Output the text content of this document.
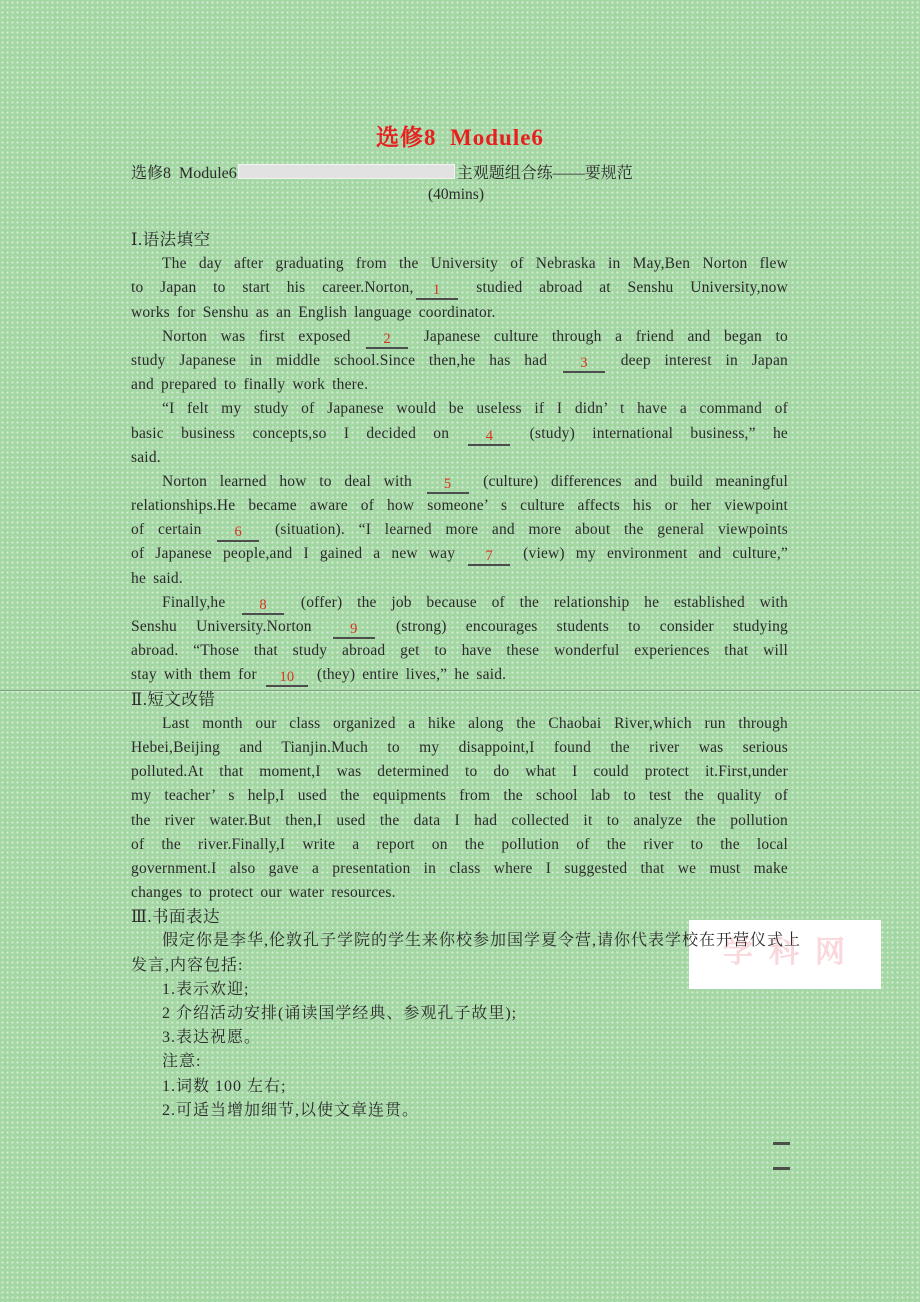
学科网
选修8  Module6
选修8  Module6	主观题组合练——要规范
(40mins)
Ⅰ.语法填空
The day after graduating from the University of Nebraska in May,Ben Norton flew
to Japan to start his career.Norton, 1 studied abroad at Senshu University,now
works for Senshu as an English language coordinator.
Norton was first exposed 2 Japanese culture through a friend and began to
study Japanese in middle school.Since then,he has had 3 deep interest in Japan
and prepared to finally work there.
“I felt my study of Japanese would be useless if I didn’ t have a command of
basic business concepts,so I decided on 4 (study) international business,” he
said.
Norton learned how to deal with 5 (culture) differences and build meaningful
relationships.He became aware of how someone’ s culture affects his or her viewpoint
of certain 6 (situation). “I learned more and more about the general viewpoints
of Japanese people,and I gained a new way 7 (view) my environment and culture,”
he said.
Finally,he 8 (offer) the job because of the relationship he established with
Senshu University.Norton 9 (strong) encourages students to consider studying
abroad. “Those that study abroad get to have these wonderful experiences that will
stay with them for 10 (they) entire lives,” he said.
Ⅱ.短文改错
Last month our class organized a hike along the Chaobai River,which run through
Hebei,Beijing and Tianjin.Much to my disappoint,I found the river was serious
polluted.At that moment,I was determined to do what I could protect it.First,under
my teacher’ s help,I used the equipments from the school lab to test the quality of
the river water.But then,I used the data I had collected it to analyze the pollution
of the river.Finally,I write a report on the pollution of the river to the local
government.I also gave a presentation in class where I suggested that we must make
changes to protect our water resources.
Ⅲ.书面表达
假定你是李华,伦敦孔子学院的学生来你校参加国学夏令营,请你代表学校在开营仪式上
发言,内容包括:
1.表示欢迎;
2 介绍活动安排(诵读国学经典、参观孔子故里);
3.表达祝愿。
注意:
1.词数 100 左右;
2.可适当增加细节,以使文章连贯。
